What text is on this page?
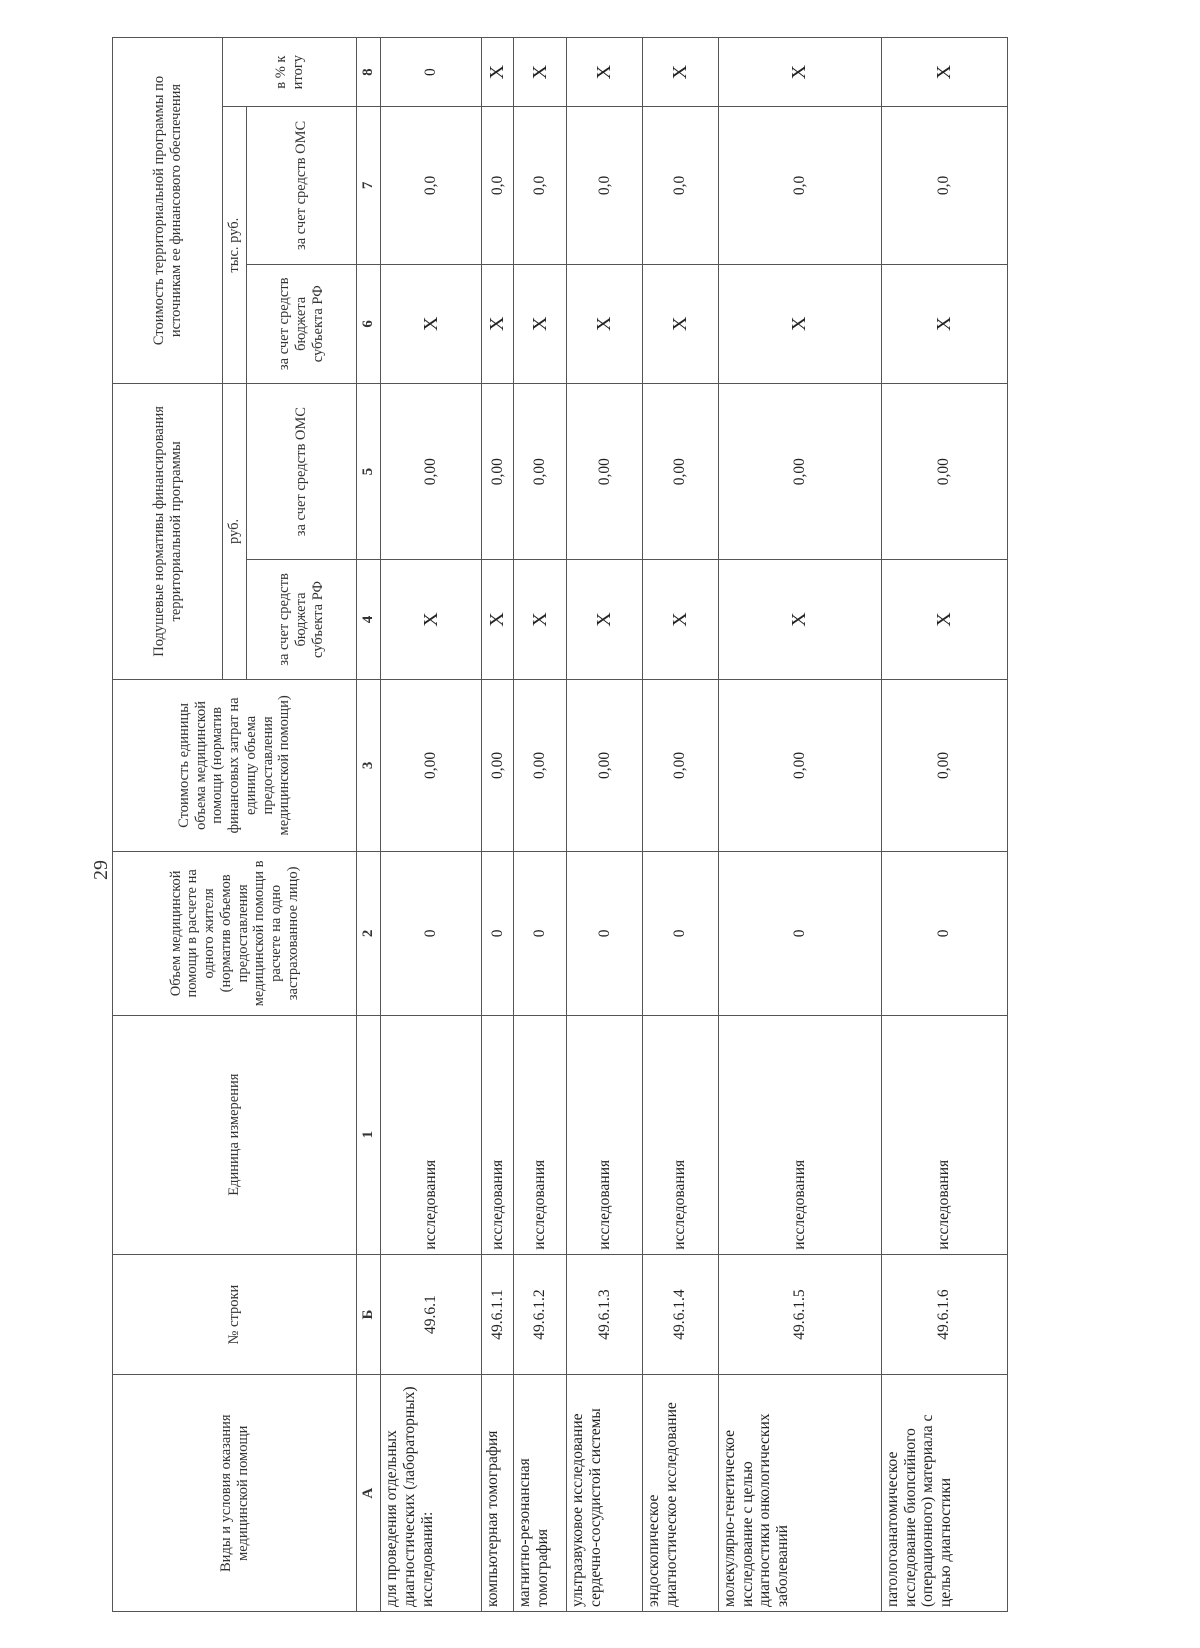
29
Виды и условия оказания медицинской помощи	№ строки	Единица измерения	Объем медицинской помощи в расчете на одного жителя (норматив объемов предоставления медицинской помощи в расчете на одно застрахованное лицо)	Стоимость единицы объема медицинской помощи (норматив финансовых затрат на единицу объема предоставления медицинской помощи)	Подушевые нормативы финансирования территориальной программы		Стоимость территориальной программы по источникам ее финансового обеспечения		
					руб.		тыс. руб.		в % к итогу
					за счет средств бюджета субъекта РФ	за счет средств ОМС	за счет средств бюджета субъекта РФ	за счет средств ОМС	
А	Б	1	2	3	4	5	6	7	8
для проведения отдельных диагностических (лабораторных) исследований:	49.6.1	исследования	0	0,00	X	0,00	X	0,0	0
компьютерная томография	49.6.1.1	исследования	0	0,00	X	0,00	X	0,0	X
магнитно-резонансная томография	49.6.1.2	исследования	0	0,00	X	0,00	X	0,0	X
ультразвуковое исследование сердечно-сосудистой системы	49.6.1.3	исследования	0	0,00	X	0,00	X	0,0	X
эндоскопическое диагностическое исследование	49.6.1.4	исследования	0	0,00	X	0,00	X	0,0	X
молекулярно-генетическое исследование с целью диагностики онкологических заболеваний	49.6.1.5	исследования	0	0,00	X	0,00	X	0,0	X
патологоанатомическое исследование биопсийного (операционного) материала с целью диагностики	49.6.1.6	исследования	0	0,00	X	0,00	X	0,0	X
